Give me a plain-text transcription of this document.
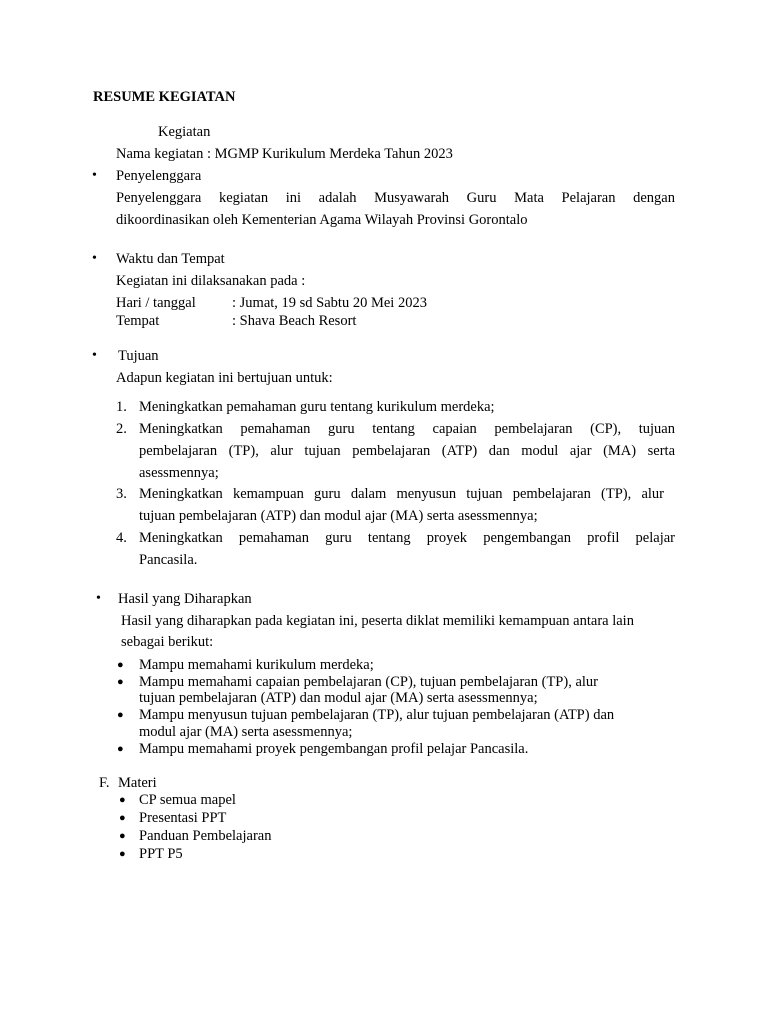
RESUME KEGIATAN
Kegiatan
Nama kegiatan : MGMP Kurikulum Merdeka Tahun 2023
• Penyelenggara
Penyelenggara kegiatan ini adalah Musyawarah Guru Mata Pelajaran dengan
dikoordinasikan oleh Kementerian Agama Wilayah Provinsi Gorontalo
• Waktu dan Tempat
Kegiatan ini dilaksanakan pada :
Hari / tanggal	: Jumat, 19 sd Sabtu 20 Mei 2023
Tempat	: Shava Beach Resort
• Tujuan
Adapun kegiatan ini bertujuan untuk:
1. Meningkatkan pemahaman guru tentang kurikulum merdeka;
2. Meningkatkan pemahaman guru tentang capaian pembelajaran (CP), tujuan
pembelajaran (TP), alur tujuan pembelajaran (ATP) dan modul ajar (MA) serta
asessmennya;
3. Meningkatkan kemampuan guru dalam menyusun tujuan pembelajaran (TP), alur
tujuan pembelajaran (ATP) dan modul ajar (MA) serta asessmennya;
4. Meningkatkan pemahaman guru tentang proyek pengembangan profil pelajar
Pancasila.
• Hasil yang Diharapkan
Hasil yang diharapkan pada kegiatan ini, peserta diklat memiliki kemampuan antara lain
sebagai berikut:
● Mampu memahami kurikulum merdeka;
● Mampu memahami capaian pembelajaran (CP), tujuan pembelajaran (TP), alur
tujuan pembelajaran (ATP) dan modul ajar (MA) serta asessmennya;
● Mampu menyusun tujuan pembelajaran (TP), alur tujuan pembelajaran (ATP) dan
modul ajar (MA) serta asessmennya;
● Mampu memahami proyek pengembangan profil pelajar Pancasila.
F. Materi
● CP semua mapel
● Presentasi PPT
● Panduan Pembelajaran
● PPT P5
